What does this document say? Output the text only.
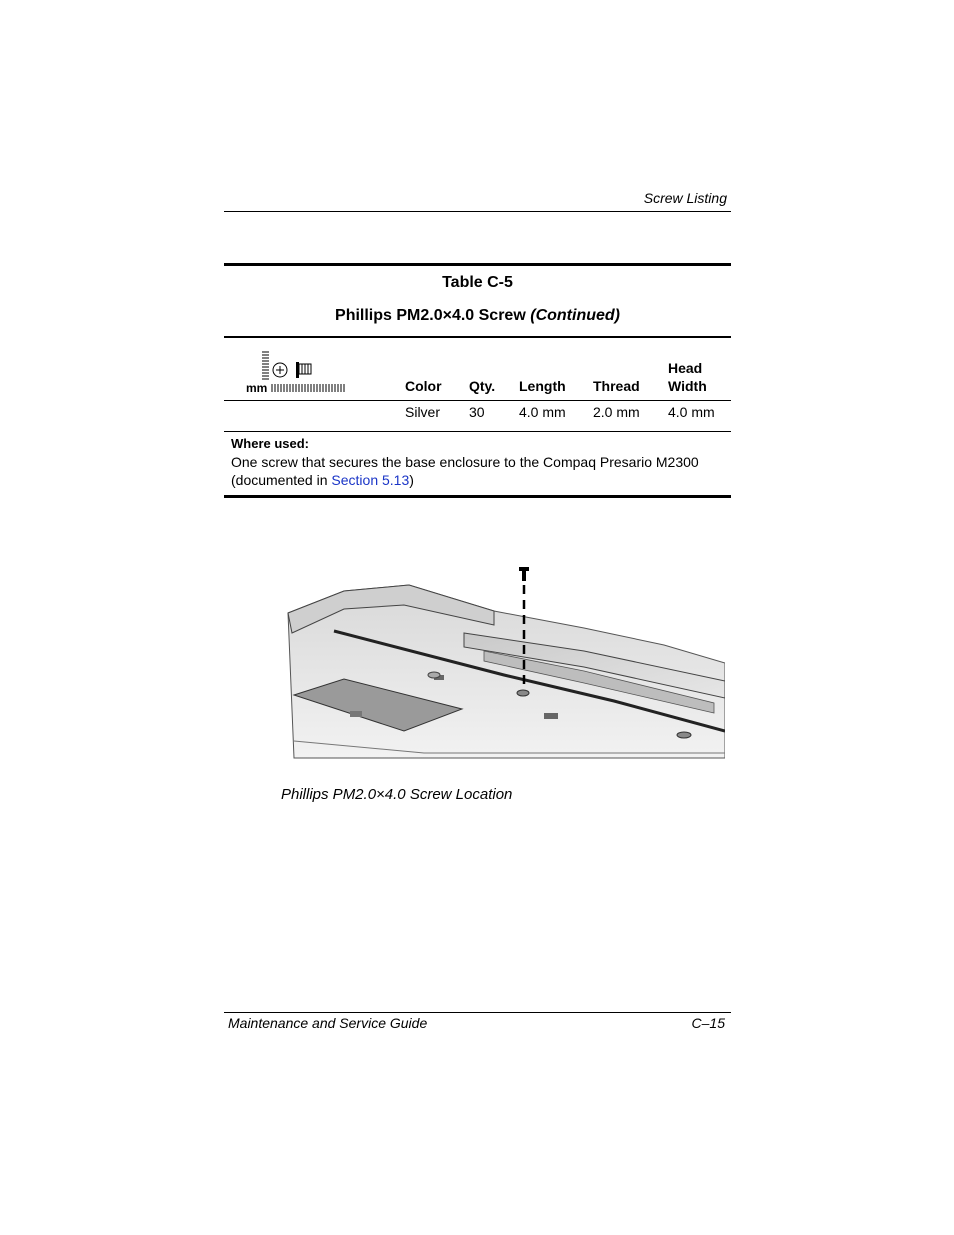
Screw Listing
Table C-5
Phillips PM2.0×4.0 Screw (Continued)
mm	Color Qty. Length Thread
Head
Width
Silver 30 4.0 mm 2.0 mm 4.0 mm
Where used:
One screw that secures the base enclosure to the Compaq Presario M2300
(documented in Section 5.13)
Phillips PM2.0×4.0 Screw Location
Maintenance and Service Guide	C–15
